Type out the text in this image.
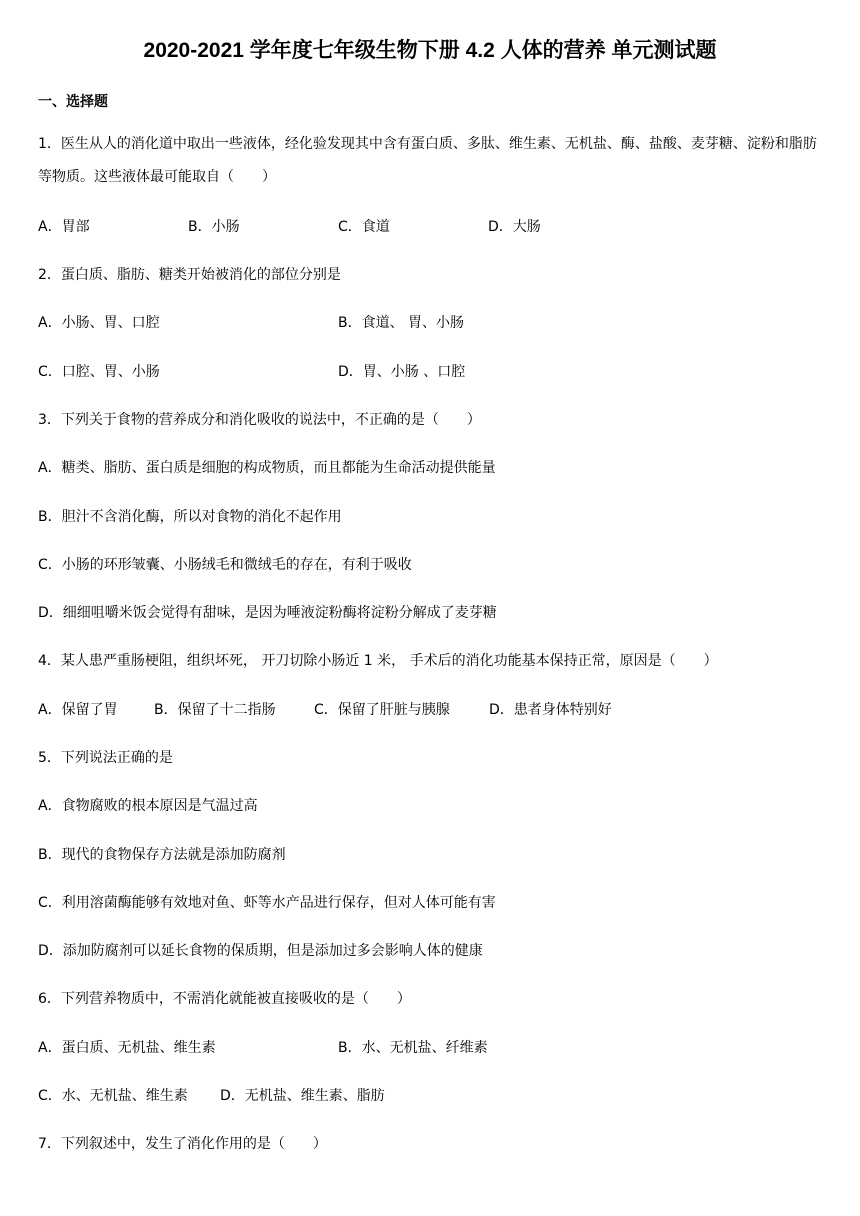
2020-2021 学年度七年级生物下册 4.2 人体的营养 单元测试题
一、选择题
1．医生从人的消化道中取出一些液体，经化验发现其中含有蛋白质、多肽、维生素、无机盐、酶、盐酸、麦芽糖、淀粉和脂肪等物质。这些液体最可能取自（　　）
A．胃部	B．小肠	C．食道	D．大肠
2．蛋白质、脂肪、糖类开始被消化的部位分别是
A．小肠、胃、口腔	B．食道、 胃、小肠
C．口腔、胃、小肠	D．胃、小肠 、口腔
3．下列关于食物的营养成分和消化吸收的说法中，不正确的是（　　）
A．糖类、脂肪、蛋白质是细胞的构成物质，而且都能为生命活动提供能量
B．胆汁不含消化酶，所以对食物的消化不起作用
C．小肠的环形皱囊、小肠绒毛和微绒毛的存在，有利于吸收
D．细细咀嚼米饭会觉得有甜味，是因为唾液淀粉酶将淀粉分解成了麦芽糖
4．某人患严重肠梗阻，组织坏死， 开刀切除小肠近 1 米， 手术后的消化功能基本保持正常，原因是（　　）
A．保留了胃	B．保留了十二指肠	C．保留了肝脏与胰腺	D．患者身体特别好
5．下列说法正确的是
A．食物腐败的根本原因是气温过高
B．现代的食物保存方法就是添加防腐剂
C．利用溶菌酶能够有效地对鱼、虾等水产品进行保存，但对人体可能有害
D．添加防腐剂可以延长食物的保质期，但是添加过多会影响人体的健康
6．下列营养物质中，不需消化就能被直接吸收的是（　　）
A．蛋白质、无机盐、维生素	B．水、无机盐、纤维素
C．水、无机盐、维生素 D．无机盐、维生素、脂肪
7．下列叙述中，发生了消化作用的是（　　）
